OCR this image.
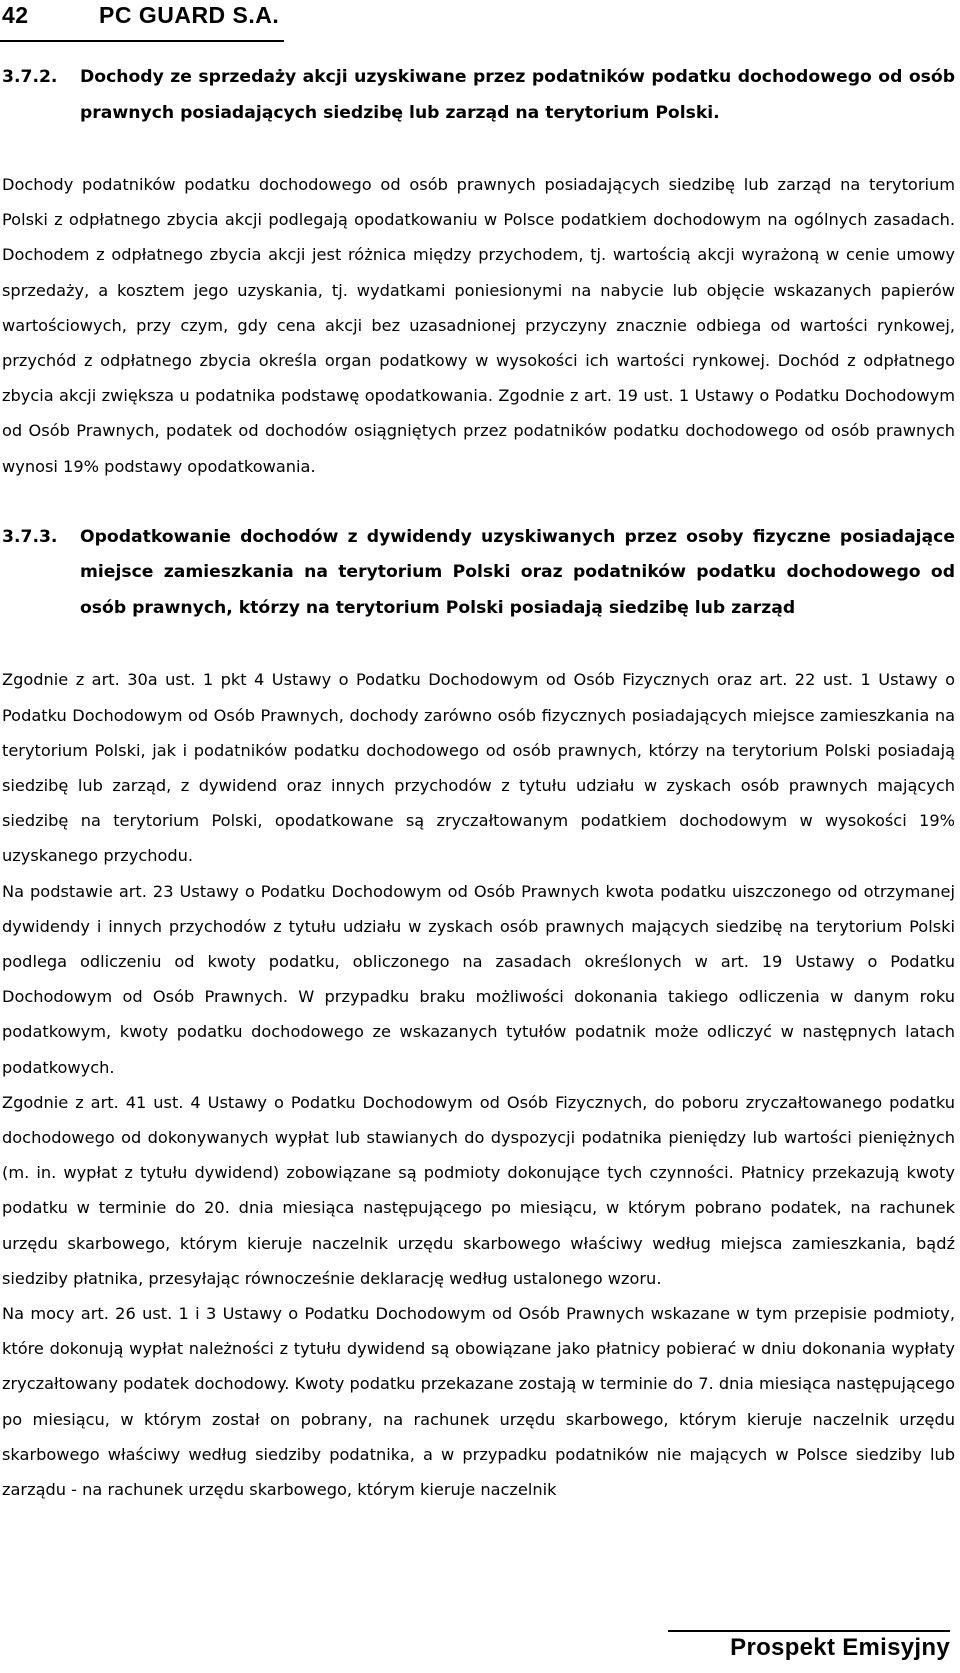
42	PC GUARD S.A.
3.7.2.	Dochody ze sprzedaży akcji uzyskiwane przez podatników podatku dochodowego od osób prawnych posiadających siedzibę lub zarząd na terytorium Polski.

Dochody podatników podatku dochodowego od osób prawnych posiadających siedzibę lub zarząd na terytorium Polski z odpłatnego zbycia akcji podlegają opodatkowaniu w Polsce podatkiem dochodowym na ogólnych zasadach. Dochodem z odpłatnego zbycia akcji jest różnica między przychodem, tj. wartością akcji wyrażoną w cenie umowy sprzedaży, a kosztem jego uzyskania, tj. wydatkami poniesionymi na nabycie lub objęcie wskazanych papierów wartościowych, przy czym, gdy cena akcji bez uzasadnionej przyczyny znacznie odbiega od wartości rynkowej, przychód z odpłatnego zbycia określa organ podatkowy w wysokości ich wartości rynkowej. Dochód z odpłatnego zbycia akcji zwiększa u podatnika podstawę opodatkowania. Zgodnie z art. 19 ust. 1 Ustawy o Podatku Dochodowym od Osób Prawnych, podatek od dochodów osiągniętych przez podatników podatku dochodowego od osób prawnych wynosi 19% podstawy opodatkowania.

3.7.3.	Opodatkowanie dochodów z dywidendy uzyskiwanych przez osoby fizyczne posiadające miejsce zamieszkania na terytorium Polski oraz podatników podatku dochodowego od osób prawnych, którzy na terytorium Polski posiadają siedzibę lub zarząd

Zgodnie z art. 30a ust. 1 pkt 4 Ustawy o Podatku Dochodowym od Osób Fizycznych oraz art. 22 ust. 1 Ustawy o Podatku Dochodowym od Osób Prawnych, dochody zarówno osób fizycznych posiadających miejsce zamieszkania na terytorium Polski, jak i podatników podatku dochodowego od osób prawnych, którzy na terytorium Polski posiadają siedzibę lub zarząd, z dywidend oraz innych przychodów z tytułu udziału w zyskach osób prawnych mających siedzibę na terytorium Polski, opodatkowane są zryczałtowanym podatkiem dochodowym w wysokości 19% uzyskanego przychodu.

Na podstawie art. 23 Ustawy o Podatku Dochodowym od Osób Prawnych kwota podatku uiszczonego od otrzymanej dywidendy i innych przychodów z tytułu udziału w zyskach osób prawnych mających siedzibę na terytorium Polski podlega odliczeniu od kwoty podatku, obliczonego na zasadach określonych w art. 19 Ustawy o Podatku Dochodowym od Osób Prawnych. W przypadku braku możliwości dokonania takiego odliczenia w danym roku podatkowym, kwoty podatku dochodowego ze wskazanych tytułów podatnik może odliczyć w następnych latach podatkowych.

Zgodnie z art. 41 ust. 4 Ustawy o Podatku Dochodowym od Osób Fizycznych, do poboru zryczałtowanego podatku dochodowego od dokonywanych wypłat lub stawianych do dyspozycji podatnika pieniędzy lub wartości pieniężnych (m. in. wypłat z tytułu dywidend) zobowiązane są podmioty dokonujące tych czynności. Płatnicy przekazują kwoty podatku w terminie do 20. dnia miesiąca następującego po miesiącu, w którym pobrano podatek, na rachunek urzędu skarbowego, którym kieruje naczelnik urzędu skarbowego właściwy według miejsca zamieszkania, bądź siedziby płatnika, przesyłając równocześnie deklarację według ustalonego wzoru.

Na mocy art. 26 ust. 1 i 3 Ustawy o Podatku Dochodowym od Osób Prawnych wskazane w tym przepisie podmioty, które dokonują wypłat należności z tytułu dywidend są obowiązane jako płatnicy pobierać w dniu dokonania wypłaty zryczałtowany podatek dochodowy. Kwoty podatku przekazane zostają w terminie do 7. dnia miesiąca następującego po miesiącu, w którym został on pobrany, na rachunek urzędu skarbowego, którym kieruje naczelnik urzędu skarbowego właściwy według siedziby podatnika, a w przypadku podatników nie mających w Polsce siedziby lub zarządu - na rachunek urzędu skarbowego, którym kieruje naczelnik

Prospekt Emisyjny
